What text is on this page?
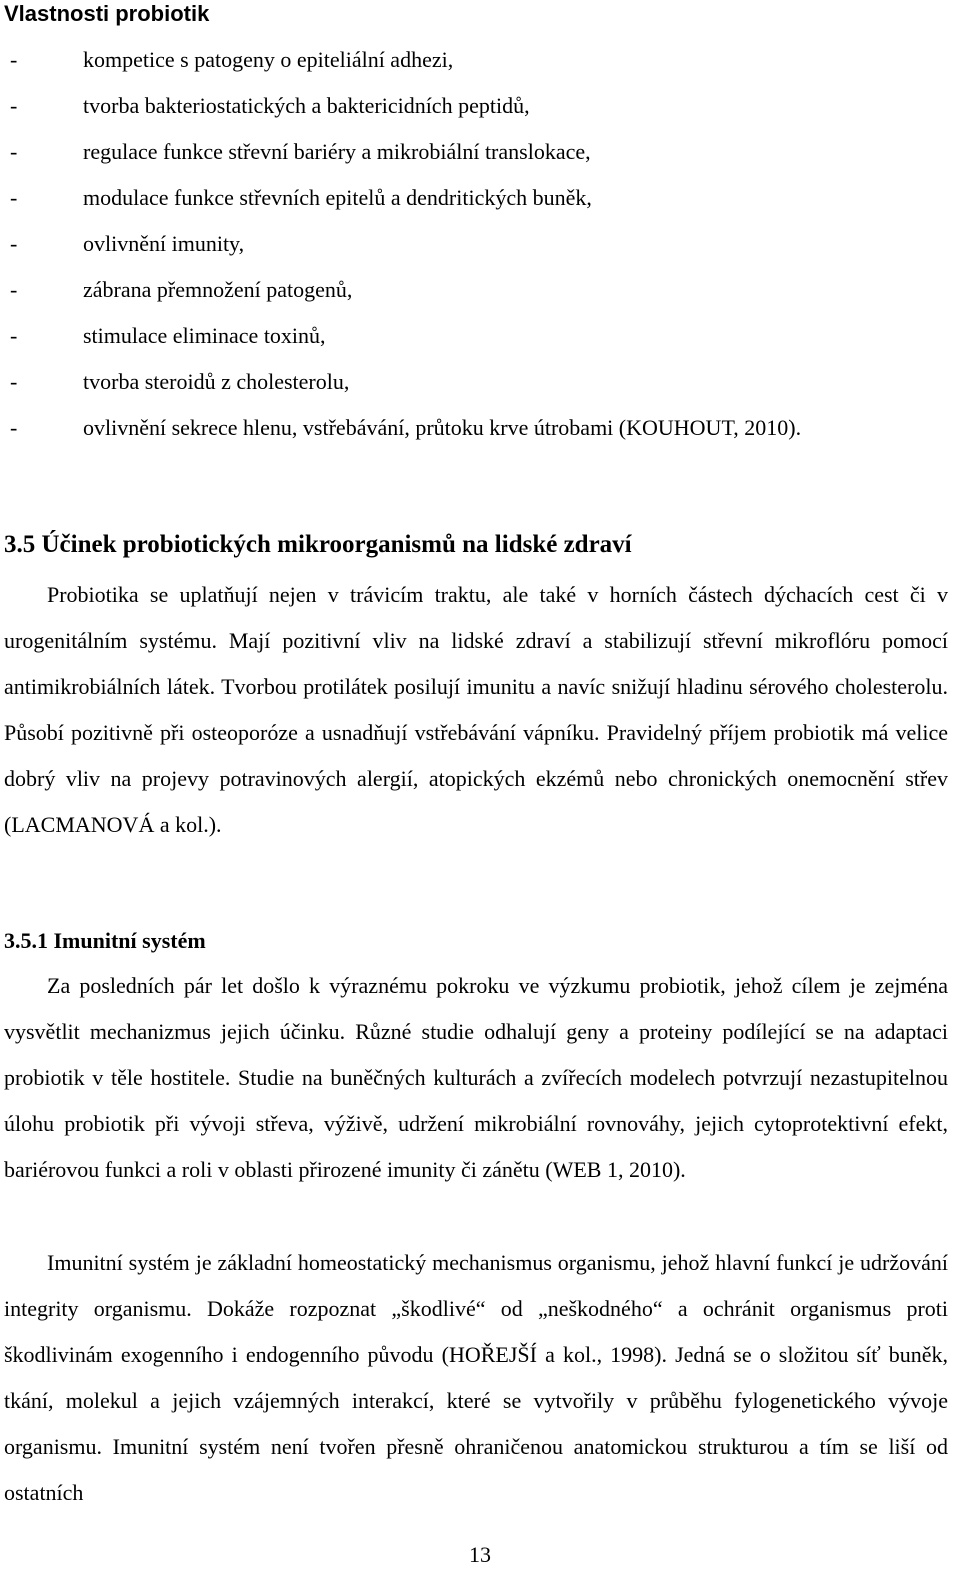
Vlastnosti probiotik
-	kompetice s patogeny o epiteliální adhezi,
-	tvorba bakteriostatických a baktericidních peptidů,
-	regulace funkce střevní bariéry a mikrobiální translokace,
-	modulace funkce střevních epitelů a dendritických buněk,
-	ovlivnění imunity,
-	zábrana přemnožení patogenů,
-	stimulace eliminace toxinů,
-	tvorba steroidů z cholesterolu,
-	ovlivnění sekrece hlenu, vstřebávání, průtoku krve útrobami (KOUHOUT, 2010).
3.5 Účinek probiotických mikroorganismů na lidské zdraví

Probiotika se uplatňují nejen v trávicím traktu, ale také v horních částech dýchacích cest či v urogenitálním systému. Mají pozitivní vliv na lidské zdraví a stabilizují střevní mikroflóru pomocí antimikrobiálních látek. Tvorbou protilátek posilují imunitu a navíc snižují hladinu sérového cholesterolu. Působí pozitivně při osteoporóze a usnadňují vstřebávání vápníku. Pravidelný příjem probiotik má velice dobrý vliv na projevy potravinových alergií, atopických ekzémů nebo chronických onemocnění střev (LACMANOVÁ a kol.).

3.5.1 Imunitní systém

Za posledních pár let došlo k výraznému pokroku ve výzkumu probiotik, jehož cílem je zejména vysvětlit mechanizmus jejich účinku. Různé studie odhalují geny a proteiny podílející se na adaptaci probiotik v těle hostitele. Studie na buněčných kulturách a zvířecích modelech potvrzují nezastupitelnou úlohu probiotik při vývoji střeva, výživě, udržení mikrobiální rovnováhy, jejich cytoprotektivní efekt, bariérovou funkci a roli v oblasti přirozené imunity či zánětu (WEB 1, 2010).

Imunitní systém je základní homeostatický mechanismus organismu, jehož hlavní funkcí je udržování integrity organismu. Dokáže rozpoznat „škodlivé“ od „neškodného“ a ochránit organismus proti škodlivinám exogenního i endogenního původu (HOŘEJŠÍ a kol., 1998). Jedná se o složitou síť buněk, tkání, molekul a jejich vzájemných interakcí, které se vytvořily v průběhu fylogenetického vývoje organismu. Imunitní systém není tvořen přesně ohraničenou anatomickou strukturou a tím se liší od ostatních

13
